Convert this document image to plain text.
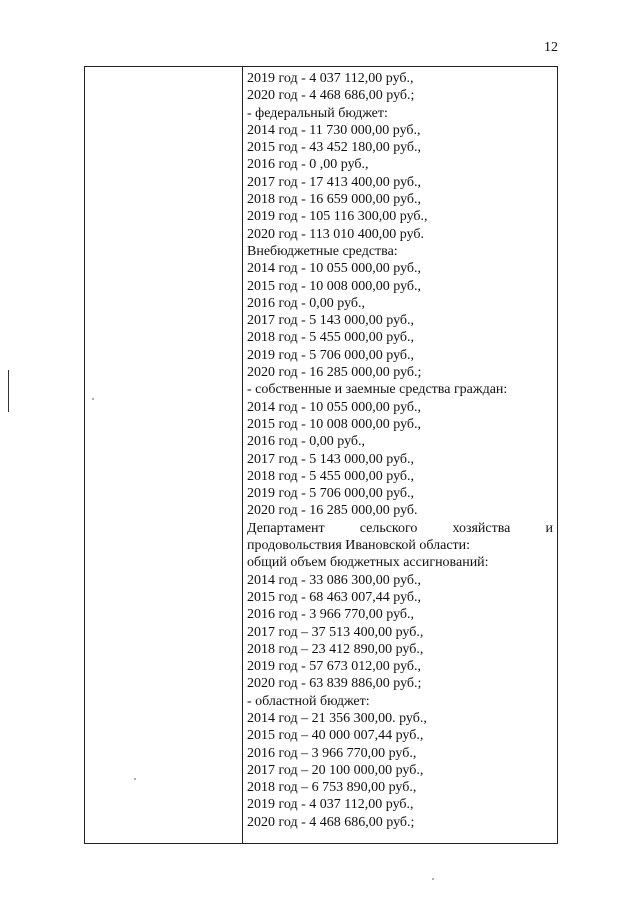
12
2019 год - 4 037 112,00 руб.,
2020 год - 4 468 686,00 руб.;
- федеральный бюджет:
2014 год - 11 730 000,00 руб.,
2015 год - 43 452 180,00 руб.,
2016 год - 0 ,00 руб.,
2017 год - 17 413 400,00 руб.,
2018 год - 16 659 000,00 руб.,
2019 год - 105 116 300,00 руб.,
2020 год - 113 010 400,00 руб.
Внебюджетные средства:
2014 год - 10 055 000,00 руб.,
2015 год - 10 008 000,00 руб.,
2016 год - 0,00 руб.,
2017 год - 5 143 000,00 руб.,
2018 год - 5 455 000,00 руб.,
2019 год - 5 706 000,00 руб.,
2020 год - 16 285 000,00 руб.;
- собственные и заемные средства граждан:
2014 год - 10 055 000,00 руб.,
2015 год - 10 008 000,00 руб.,
2016 год - 0,00 руб.,
2017 год - 5 143 000,00 руб.,
2018 год - 5 455 000,00 руб.,
2019 год - 5 706 000,00 руб.,
2020 год - 16 285 000,00 руб.
Департамент	сельского	хозяйства	и
продовольствия Ивановской области:
общий объем бюджетных ассигнований:
2014 год - 33 086 300,00 руб.,
2015 год - 68 463 007,44 руб.,
2016 год - 3 966 770,00 руб.,
2017 год – 37 513 400,00 руб.,
2018 год – 23 412 890,00 руб.,
2019 год - 57 673 012,00 руб.,
2020 год - 63 839 886,00 руб.;
- областной бюджет:
2014 год – 21 356 300,00. руб.,
2015 год – 40 000 007,44 руб.,
2016 год – 3 966 770,00 руб.,
2017 год – 20 100 000,00 руб.,
2018 год – 6 753 890,00 руб.,
2019 год - 4 037 112,00 руб.,
2020 год - 4 468 686,00 руб.;
